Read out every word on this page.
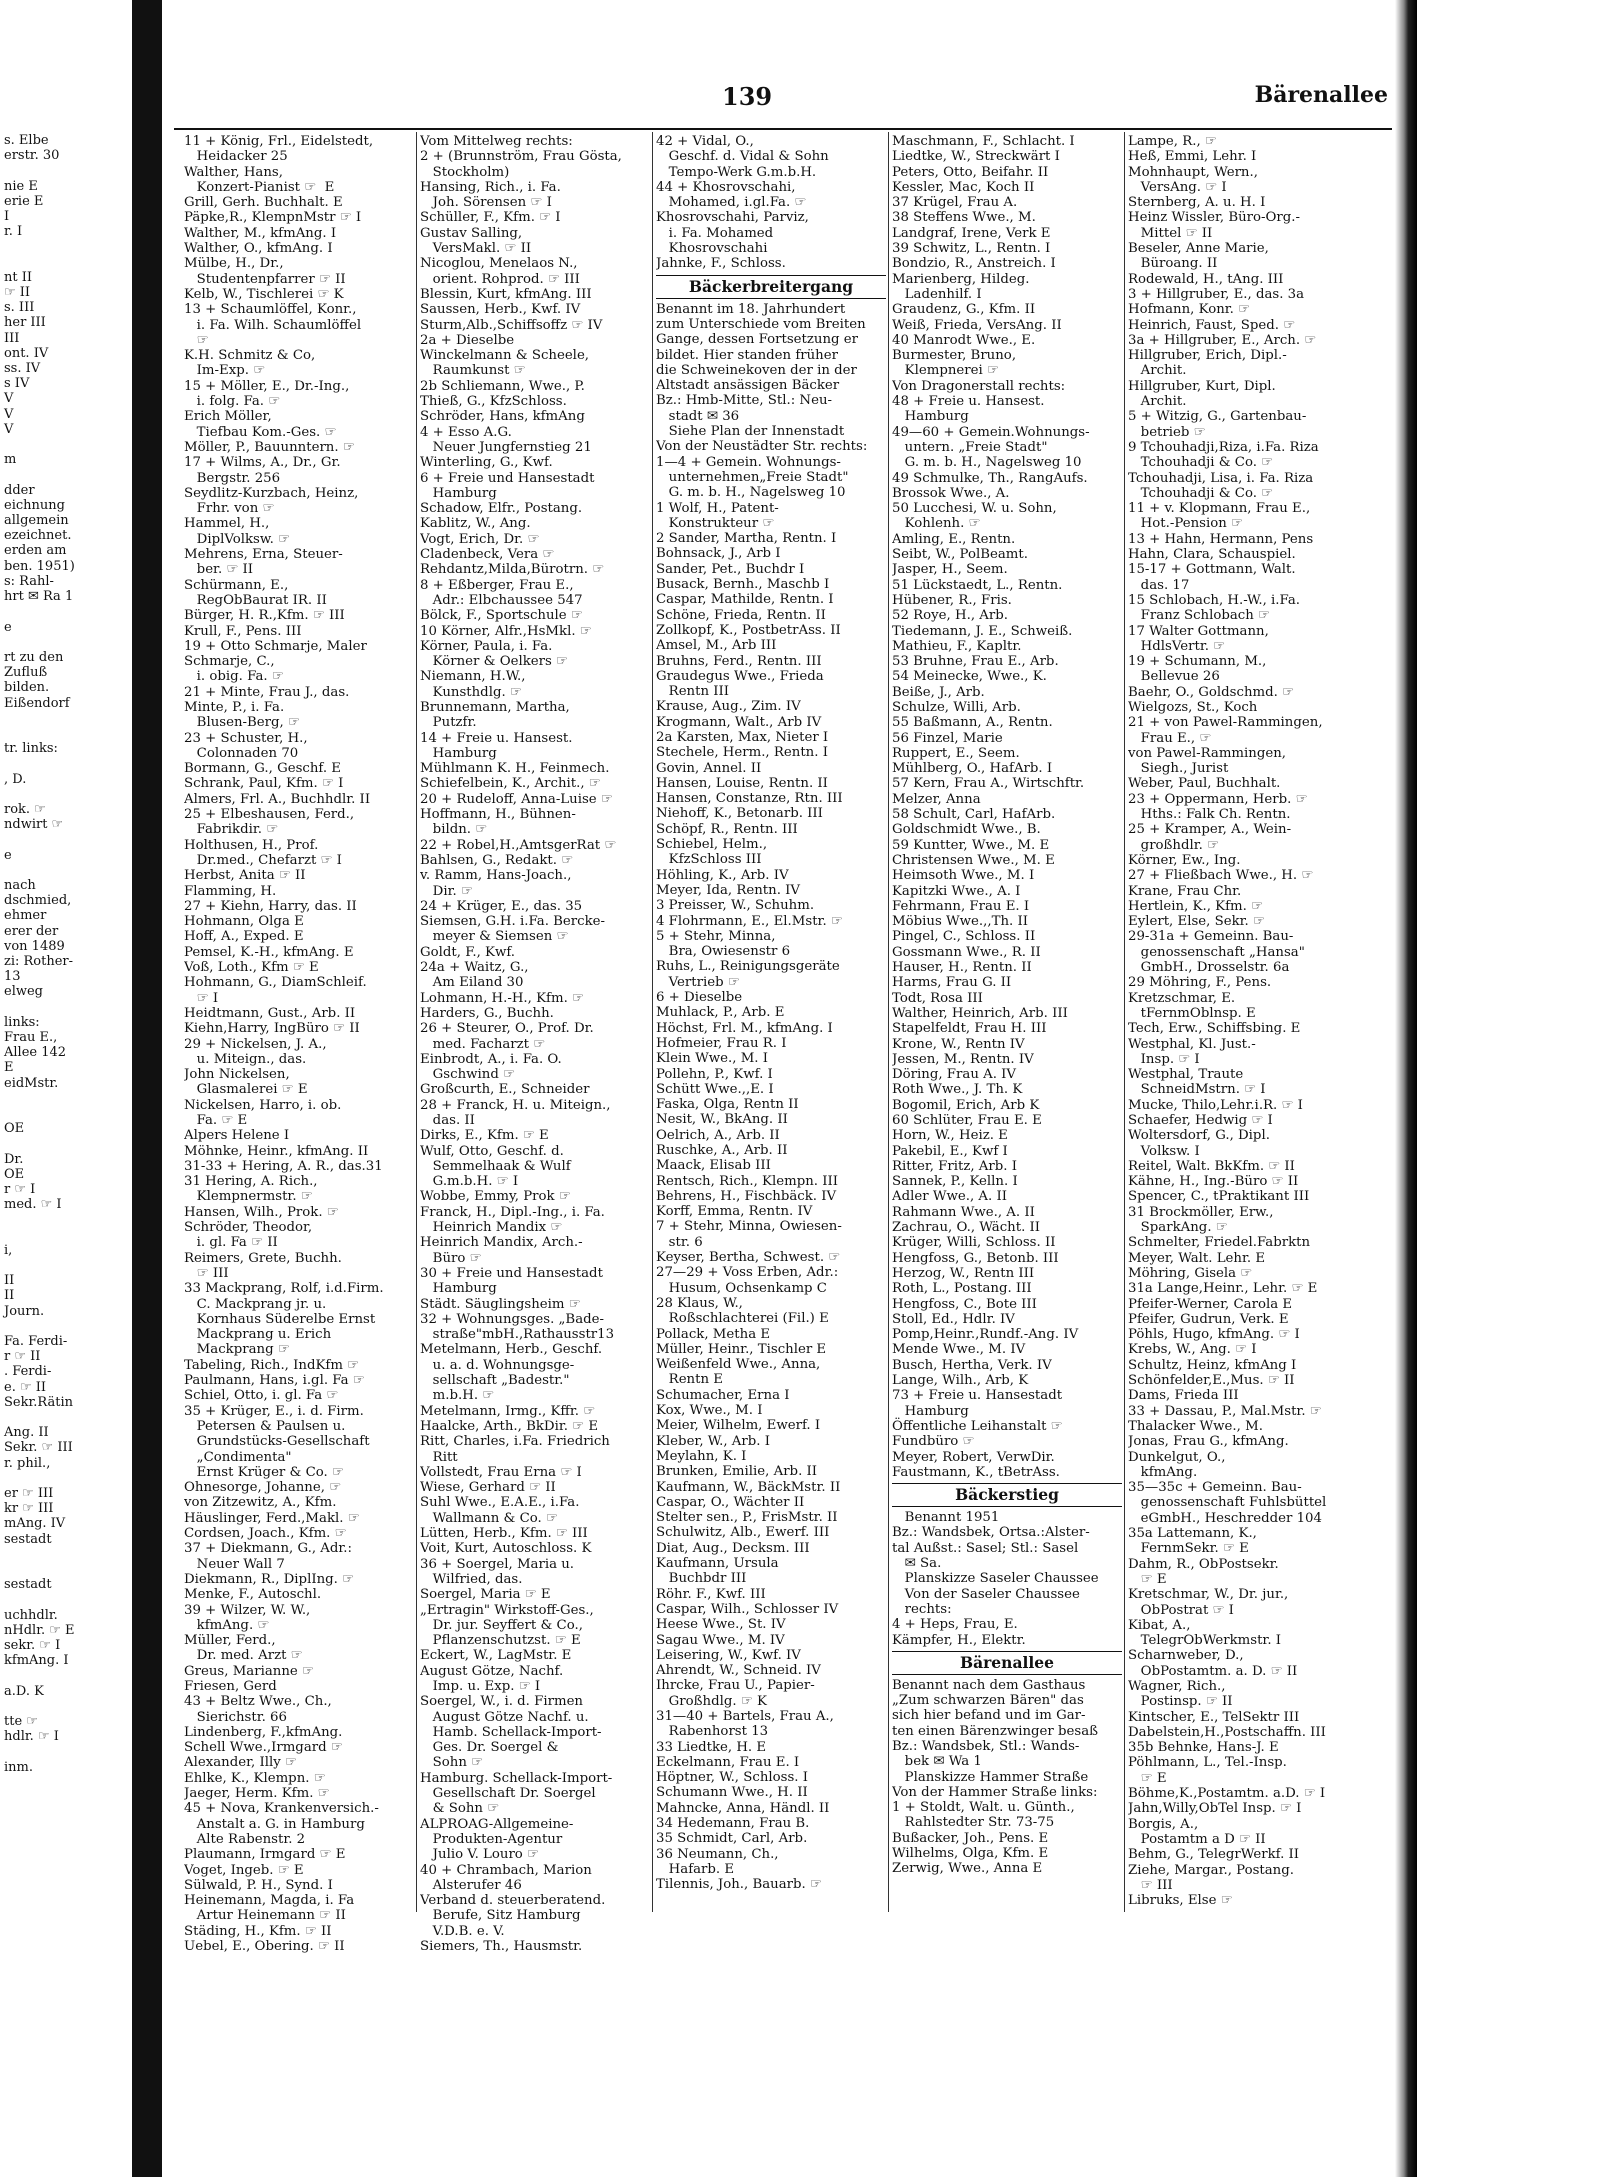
s. Elbe
erstr. 30

nie E
erie E
I
r. I

nt II
☞ II
s. III
her III
III
ont. IV
ss. IV
s IV
V
V
V

m

dder
eichnung
allgemein
ezeichnet.
erden am
ben. 1951)
s: Rahl-
hrt ✉ Ra 1

e

rt zu den
Zufluß
bilden.
Eißendorf

tr. links:

, D.

rok. ☞
ndwirt ☞

e

nach
dschmied,
ehmer
erer der
von 1489
zi: Rother-
13
elweg

links:
Frau E.,
Allee 142
E
eidMstr.

OE

Dr.
OE
r ☞ I
med. ☞ I

i,

II
II
Journ.

Fa. Ferdi-
r ☞ II
. Ferdi-
e. ☞ II
Sekr.Rätin

Ang. II
Sekr. ☞ III
r. phil.,

er ☞ III
kr ☞ III
mAng. IV
sestadt

sestadt

uchhdlr.
nHdlr. ☞ E
sekr. ☞ I
kfmAng. I

a.D. K

tte ☞
hdlr. ☞ I

inm.

139	Bärenallee
11 + König, Frl., Eidelstedt,
Heidacker 25
Walther, Hans,
Konzert-Pianist ☞  E
Grill, Gerh. Buchhalt. E
Päpke,R., KlempnMstr ☞ I
Walther, M., kfmAng. I
Walther, O., kfmAng. I
Mülbe, H., Dr.,
Studentenpfarrer ☞ II
Kelb, W., Tischlerei ☞ K
13 + Schaumlöffel, Konr.,
i. Fa. Wilh. Schaumlöffel
☞
K.H. Schmitz & Co,
Im-Exp. ☞
15 + Möller, E., Dr.-Ing.,
i. folg. Fa. ☞
Erich Möller,
Tiefbau Kom.-Ges. ☞
Möller, P., Bauunntern. ☞
17 + Wilms, A., Dr., Gr.
Bergstr. 256
Seydlitz-Kurzbach, Heinz,
Frhr. von ☞
Hammel, H.,
DiplVolksw. ☞
Mehrens, Erna, Steuer-
ber. ☞ II
Schürmann, E.,
RegObBaurat IR. II
Bürger, H. R.,Kfm. ☞ III
Krull, F., Pens. III
19 + Otto Schmarje, Maler
Schmarje, C.,
i. obig. Fa. ☞
21 + Minte, Frau J., das.
Minte, P., i. Fa.
Blusen-Berg, ☞
23 + Schuster, H.,
Colonnaden 70
Bormann, G., Geschf. E
Schrank, Paul, Kfm. ☞ I
Almers, Frl. A., Buchhdlr. II
25 + Elbeshausen, Ferd.,
Fabrikdir. ☞
Holthusen, H., Prof.
Dr.med., Chefarzt ☞ I
Herbst, Anita ☞ II
Flamming, H.
27 + Kiehn, Harry, das. II
Hohmann, Olga E
Hoff, A., Exped. E
Pemsel, K.-H., kfmAng. E
Voß, Loth., Kfm ☞ E
Hohmann, G., DiamSchleif.
☞ I
Heidtmann, Gust., Arb. II
Kiehn,Harry, IngBüro ☞ II
29 + Nickelsen, J. A.,
u. Miteign., das.
John Nickelsen,
Glasmalerei ☞ E
Nickelsen, Harro, i. ob.
Fa. ☞ E
Alpers Helene I
Möhnke, Heinr., kfmAng. II
31-33 + Hering, A. R., das.31
31 Hering, A. Rich.,
Klempnermstr. ☞
Hansen, Wilh., Prok. ☞
Schröder, Theodor,
i. gl. Fa ☞ II
Reimers, Grete, Buchh.
☞ III
33 Mackprang, Rolf, i.d.Firm.
C. Mackprang jr. u.
Kornhaus Süderelbe Ernst
Mackprang u. Erich
Mackprang ☞
Tabeling, Rich., IndKfm ☞
Paulmann, Hans, i.gl. Fa ☞
Schiel, Otto, i. gl. Fa ☞
35 + Krüger, E., i. d. Firm.
Petersen & Paulsen u.
Grundstücks-Gesellschaft
„Condimenta"
Ernst Krüger & Co. ☞
Ohnesorge, Johanne, ☞
von Zitzewitz, A., Kfm.
Häuslinger, Ferd.,Makl. ☞
Cordsen, Joach., Kfm. ☞
37 + Diekmann, G., Adr.:
Neuer Wall 7
Diekmann, R., DiplIng. ☞
Menke, F., Autoschl.
39 + Wilzer, W. W.,
kfmAng. ☞
Müller, Ferd.,
Dr. med. Arzt ☞
Greus, Marianne ☞
Friesen, Gerd
43 + Beltz Wwe., Ch.,
Sierichstr. 66
Lindenberg, F.,kfmAng.
Schell Wwe.,Irmgard ☞
Alexander, Illy ☞
Ehlke, K., Klempn. ☞
Jaeger, Herm. Kfm. ☞
45 + Nova, Krankenversich.-
Anstalt a. G. in Hamburg
Alte Rabenstr. 2
Plaumann, Irmgard ☞ E
Voget, Ingeb. ☞ E
Sülwald, P. H., Synd. I
Heinemann, Magda, i. Fa
Artur Heinemann ☞ II
Städing, H., Kfm. ☞ II
Uebel, E., Obering. ☞ II

Vom Mittelweg rechts:
2 + (Brunnström, Frau Gösta,
Stockholm)
Hansing, Rich., i. Fa.
Joh. Sörensen ☞ I
Schüller, F., Kfm. ☞ I
Gustav Salling,
VersMakl. ☞ II
Nicoglou, Menelaos N.,
orient. Rohprod. ☞ III
Blessin, Kurt, kfmAng. III
Saussen, Herb., Kwf. IV
Sturm,Alb.,Schiffsoffz ☞ IV
2a + Dieselbe
Winckelmann & Scheele,
Raumkunst ☞
2b Schliemann, Wwe., P.
Thieß, G., KfzSchloss.
Schröder, Hans, kfmAng
4 + Esso A.G.
Neuer Jungfernstieg 21
Winterling, G., Kwf.
6 + Freie und Hansestadt
Hamburg
Schadow, Elfr., Postang.
Kablitz, W., Ang.
Vogt, Erich, Dr. ☞
Cladenbeck, Vera ☞
Rehdantz,Milda,Bürotrn. ☞
8 + Eßberger, Frau E.,
Adr.: Elbchaussee 547
Bölck, F., Sportschule ☞
10 Körner, Alfr.,HsMkl. ☞
Körner, Paula, i. Fa.
Körner & Oelkers ☞
Niemann, H.W.,
Kunsthdlg. ☞
Brunnemann, Martha,
Putzfr.
14 + Freie u. Hansest.
Hamburg
Mühlmann K. H., Feinmech.
Schiefelbein, K., Archit., ☞
20 + Rudeloff, Anna-Luise ☞
Hoffmann, H., Bühnen-
bildn. ☞
22 + Robel,H.,AmtsgerRat ☞
Bahlsen, G., Redakt. ☞
v. Ramm, Hans-Joach.,
Dir. ☞
24 + Krüger, E., das. 35
Siemsen, G.H. i.Fa. Bercke-
meyer & Siemsen ☞
Goldt, F., Kwf.
24a + Waitz, G.,
Am Eiland 30
Lohmann, H.-H., Kfm. ☞
Harders, G., Buchh.
26 + Steurer, O., Prof. Dr.
med. Facharzt ☞
Einbrodt, A., i. Fa. O.
Gschwind ☞
Großcurth, E., Schneider
28 + Franck, H. u. Miteign.,
das. II
Dirks, E., Kfm. ☞ E
Wulf, Otto, Geschf. d.
Semmelhaak & Wulf
G.m.b.H. ☞ I
Wobbe, Emmy, Prok ☞
Franck, H., Dipl.-Ing., i. Fa.
Heinrich Mandix ☞
Heinrich Mandix, Arch.-
Büro ☞
30 + Freie und Hansestadt
Hamburg
Städt. Säuglingsheim ☞
32 + Wohnungsges. „Bade-
straße"mbH.,Rathausstr13
Metelmann, Herb., Geschf.
u. a. d. Wohnungsge-
sellschaft „Badestr."
m.b.H. ☞
Metelmann, Irmg., Kffr. ☞
Haalcke, Arth., BkDir. ☞ E
Ritt, Charles, i.Fa. Friedrich
Ritt
Vollstedt, Frau Erna ☞ I
Wiese, Gerhard ☞ II
Suhl Wwe., E.A.E., i.Fa.
Wallmann & Co. ☞
Lütten, Herb., Kfm. ☞ III
Voit, Kurt, Autoschloss. K
36 + Soergel, Maria u.
Wilfried, das.
Soergel, Maria ☞ E
„Ertragin" Wirkstoff-Ges.,
Dr. jur. Seyffert & Co.,
Pflanzenschutzst. ☞ E
Eckert, W., LagMstr. E
August Götze, Nachf.
Imp. u. Exp. ☞ I
Soergel, W., i. d. Firmen
August Götze Nachf. u.
Hamb. Schellack-Import-
Ges. Dr. Soergel &
Sohn ☞
Hamburg. Schellack-Import-
Gesellschaft Dr. Soergel
& Sohn ☞
ALPROAG-Allgemeine-
Produkten-Agentur
Julio V. Louro ☞
40 + Chrambach, Marion
Alsterufer 46
Verband d. steuerberatend.
Berufe, Sitz Hamburg
V.D.B. e. V.
Siemers, Th., Hausmstr.

42 + Vidal, O.,
Geschf. d. Vidal & Sohn
Tempo-Werk G.m.b.H.
44 + Khosrovschahi,
Mohamed, i.gl.Fa. ☞
Khosrovschahi, Parviz,
i. Fa. Mohamed
Khosrovschahi
Jahnke, F., Schloss.

Bäckerbreitergang
Benannt im 18. Jahrhundert
zum Unterschiede vom Breiten
Gange, dessen Fortsetzung er
bildet. Hier standen früher
die Schweinekoven der in der
Altstadt ansässigen Bäcker
Bz.: Hmb-Mitte, Stl.: Neu-
stadt ✉ 36
Siehe Plan der Innenstadt
Von der Neustädter Str. rechts:
1—4 + Gemein. Wohnungs-
unternehmen„Freie Stadt"
G. m. b. H., Nagelsweg 10
1 Wolf, H., Patent-
Konstrukteur ☞
2 Sander, Martha, Rentn. I
Bohnsack, J., Arb I
Sander, Pet., Buchdr I
Busack, Bernh., Maschb I
Caspar, Mathilde, Rentn. I
Schöne, Frieda, Rentn. II
Zollkopf, K., PostbetrAss. II
Amsel, M., Arb III
Bruhns, Ferd., Rentn. III
Graudegus Wwe., Frieda
Rentn III
Krause, Aug., Zim. IV
Krogmann, Walt., Arb IV
2a Karsten, Max, Nieter I
Stechele, Herm., Rentn. I
Govin, Annel. II
Hansen, Louise, Rentn. II
Hansen, Constanze, Rtn. III
Niehoff, K., Betonarb. III
Schöpf, R., Rentn. III
Schiebel, Helm.,
KfzSchloss III
Höhling, K., Arb. IV
Meyer, Ida, Rentn. IV
3 Preisser, W., Schuhm.
4 Flohrmann, E., El.Mstr. ☞
5 + Stehr, Minna,
Bra, Owiesenstr 6
Ruhs, L., Reinigungsgeräte
Vertrieb ☞
6 + Dieselbe
Muhlack, P., Arb. E
Höchst, Frl. M., kfmAng. I
Hofmeier, Frau R. I
Klein Wwe., M. I
Pollehn, P., Kwf. I
Schütt Wwe.,,E. I
Faska, Olga, Rentn II
Nesit, W., BkAng. II
Oelrich, A., Arb. II
Ruschke, A., Arb. II
Maack, Elisab III
Rentsch, Rich., Klempn. III
Behrens, H., Fischbäck. IV
Korff, Emma, Rentn. IV
7 + Stehr, Minna, Owiesen-
str. 6
Keyser, Bertha, Schwest. ☞
27—29 + Voss Erben, Adr.:
Husum, Ochsenkamp C
28 Klaus, W.,
Roßschlachterei (Fil.) E
Pollack, Metha E
Müller, Heinr., Tischler E
Weißenfeld Wwe., Anna,
Rentn E
Schumacher, Erna I
Kox, Wwe., M. I
Meier, Wilhelm, Ewerf. I
Kleber, W., Arb. I
Meylahn, K. I
Brunken, Emilie, Arb. II
Kaufmann, W., BäckMstr. II
Caspar, O., Wächter II
Stelter sen., P., FrisMstr. II
Schulwitz, Alb., Ewerf. III
Diat, Aug., Decksm. III
Kaufmann, Ursula
Buchbdr III
Röhr. F., Kwf. III
Caspar, Wilh., Schlosser IV
Heese Wwe., St. IV
Sagau Wwe., M. IV
Leisering, W., Kwf. IV
Ahrendt, W., Schneid. IV
Ihrcke, Frau U., Papier-
Großhdlg. ☞ K
31—40 + Bartels, Frau A.,
Rabenhorst 13
33 Liedtke, H. E
Eckelmann, Frau E. I
Höptner, W., Schloss. I
Schumann Wwe., H. II
Mahncke, Anna, Händl. II
34 Hedemann, Frau B.
35 Schmidt, Carl, Arb.
36 Neumann, Ch.,
Hafarb. E
Tilennis, Joh., Bauarb. ☞

Maschmann, F., Schlacht. I
Liedtke, W., Streckwärt I
Peters, Otto, Beifahr. II
Kessler, Mac, Koch II
37 Krügel, Frau A.
38 Steffens Wwe., M.
Landgraf, Irene, Verk E
39 Schwitz, L., Rentn. I
Bondzio, R., Anstreich. I
Marienberg, Hildeg.
Ladenhilf. I
Graudenz, G., Kfm. II
Weiß, Frieda, VersAng. II
40 Manrodt Wwe., E.
Burmester, Bruno,
Klempnerei ☞
Von Dragonerstall rechts:
48 + Freie u. Hansest.
Hamburg
49—60 + Gemein.Wohnungs-
untern. „Freie Stadt"
G. m. b. H., Nagelsweg 10
49 Schmulke, Th., RangAufs.
Brossok Wwe., A.
50 Lucchesi, W. u. Sohn,
Kohlenh. ☞
Amling, E., Rentn.
Seibt, W., PolBeamt.
Jasper, H., Seem.
51 Lückstaedt, L., Rentn.
Hübener, R., Fris.
52 Roye, H., Arb.
Tiedemann, J. E., Schweiß.
Mathieu, F., Kapltr.
53 Bruhne, Frau E., Arb.
54 Meinecke, Wwe., K.
Beiße, J., Arb.
Schulze, Willi, Arb.
55 Baßmann, A., Rentn.
56 Finzel, Marie
Ruppert, E., Seem.
Mühlberg, O., HafArb. I
57 Kern, Frau A., Wirtschftr.
Melzer, Anna
58 Schult, Carl, HafArb.
Goldschmidt Wwe., B.
59 Kuntter, Wwe., M. E
Christensen Wwe., M. E
Heimsoth Wwe., M. I
Kapitzki Wwe., A. I
Fehrmann, Frau E. I
Möbius Wwe.,,Th. II
Pingel, C., Schloss. II
Gossmann Wwe., R. II
Hauser, H., Rentn. II
Harms, Frau G. II
Todt, Rosa III
Walther, Heinrich, Arb. III
Stapelfeldt, Frau H. III
Krone, W., Rentn IV
Jessen, M., Rentn. IV
Döring, Frau A. IV
Roth Wwe., J. Th. K
Bogomil, Erich, Arb K
60 Schlüter, Frau E. E
Horn, W., Heiz. E
Pakebil, E., Kwf I
Ritter, Fritz, Arb. I
Sannek, P., Kelln. I
Adler Wwe., A. II
Rahmann Wwe., A. II
Zachrau, O., Wächt. II
Krüger, Willi, Schloss. II
Hengfoss, G., Betonb. III
Herzog, W., Rentn III
Roth, L., Postang. III
Hengfoss, C., Bote III
Stoll, Ed., Hdlr. IV
Pomp,Heinr.,Rundf.-Ang. IV
Mende Wwe., M. IV
Busch, Hertha, Verk. IV
Lange, Wilh., Arb, K
73 + Freie u. Hansestadt
Hamburg
Öffentliche Leihanstalt ☞
Fundbüro ☞
Meyer, Robert, VerwDir.
Faustmann, K., tBetrAss.

Bäckerstieg
Benannt 1951
Bz.: Wandsbek, Ortsa.:Alster-
tal Außst.: Sasel; Stl.: Sasel
✉ Sa.
Planskizze Saseler Chaussee
Von der Saseler Chaussee
rechts:
4 + Heps, Frau, E.
Kämpfer, H., Elektr.

Bärenallee
Benannt nach dem Gasthaus
„Zum schwarzen Bären" das
sich hier befand und im Gar-
ten einen Bärenzwinger besaß
Bz.: Wandsbek, Stl.: Wands-
bek ✉ Wa 1
Planskizze Hammer Straße
Von der Hammer Straße links:
1 + Stoldt, Walt. u. Günth.,
Rahlstedter Str. 73-75
Bußacker, Joh., Pens. E
Wilhelms, Olga, Kfm. E
Zerwig, Wwe., Anna E

Lampe, R., ☞
Heß, Emmi, Lehr. I
Mohnhaupt, Wern.,
VersAng. ☞ I
Sternberg, A. u. H. I
Heinz Wissler, Büro-Org.-
Mittel ☞ II
Beseler, Anne Marie,
Büroang. II
Rodewald, H., tAng. III
3 + Hillgruber, E., das. 3a
Hofmann, Konr. ☞
Heinrich, Faust, Sped. ☞
3a + Hillgruber, E., Arch. ☞
Hillgruber, Erich, Dipl.-
Archit.
Hillgruber, Kurt, Dipl.
Archit.
5 + Witzig, G., Gartenbau-
betrieb ☞
9 Tchouhadji,Riza, i.Fa. Riza
Tchouhadji & Co. ☞
Tchouhadji, Lisa, i. Fa. Riza
Tchouhadji & Co. ☞
11 + v. Klopmann, Frau E.,
Hot.-Pension ☞
13 + Hahn, Hermann, Pens
Hahn, Clara, Schauspiel.
15-17 + Gottmann, Walt.
das. 17
15 Schlobach, H.-W., i.Fa.
Franz Schlobach ☞
17 Walter Gottmann,
HdlsVertr. ☞
19 + Schumann, M.,
Bellevue 26
Baehr, O., Goldschmd. ☞
Wielgozs, St., Koch
21 + von Pawel-Rammingen,
Frau E., ☞
von Pawel-Rammingen,
Siegh., Jurist
Weber, Paul, Buchhalt.
23 + Oppermann, Herb. ☞
Hths.: Falk Ch. Rentn.
25 + Kramper, A., Wein-
großhdlr. ☞
Körner, Ew., Ing.
27 + Fließbach Wwe., H. ☞
Krane, Frau Chr.
Hertlein, K., Kfm. ☞
Eylert, Else, Sekr. ☞
29-31a + Gemeinn. Bau-
genossenschaft „Hansa"
GmbH., Drosselstr. 6a
29 Möhring, F., Pens.
Kretzschmar, E.
tFernmOblnsp. E
Tech, Erw., Schiffsbing. E
Westphal, Kl. Just.-
Insp. ☞ I
Westphal, Traute
SchneidMstrn. ☞ I
Mucke, Thilo,Lehr.i.R. ☞ I
Schaefer, Hedwig ☞ I
Woltersdorf, G., Dipl.
Volksw. I
Reitel, Walt. BkKfm. ☞ II
Kähne, H., Ing.-Büro ☞ II
Spencer, C., tPraktikant III
31 Brockmöller, Erw.,
SparkAng. ☞
Schmelter, Friedel.Fabrktn
Meyer, Walt. Lehr. E
Möhring, Gisela ☞
31a Lange,Heinr., Lehr. ☞ E
Pfeifer-Werner, Carola E
Pfeifer, Gudrun, Verk. E
Pöhls, Hugo, kfmAng. ☞ I
Krebs, W., Ang. ☞ I
Schultz, Heinz, kfmAng I
Schönfelder,E.,Mus. ☞ II
Dams, Frieda III
33 + Dassau, P., Mal.Mstr. ☞
Thalacker Wwe., M.
Jonas, Frau G., kfmAng.
Dunkelgut, O.,
kfmAng.
35—35c + Gemeinn. Bau-
genossenschaft Fuhlsbüttel
eGmbH., Heschredder 104
35a Lattemann, K.,
FernmSekr. ☞ E
Dahm, R., ObPostsekr.
☞ E
Kretschmar, W., Dr. jur.,
ObPostrat ☞ I
Kibat, A.,
TelegrObWerkmstr. I
Scharnweber, D.,
ObPostamtm. a. D. ☞ II
Wagner, Rich.,
Postinsp. ☞ II
Kintscher, E., TelSektr III
Dabelstein,H.,Postschaffn. III
35b Behnke, Hans-J. E
Pöhlmann, L., Tel.-Insp.
☞ E
Böhme,K.,Postamtm. a.D. ☞ I
Jahn,Willy,ObTel Insp. ☞ I
Borgis, A.,
Postamtm a D ☞ II
Behm, G., TelegrWerkf. II
Ziehe, Margar., Postang.
☞ III
Libruks, Else ☞
